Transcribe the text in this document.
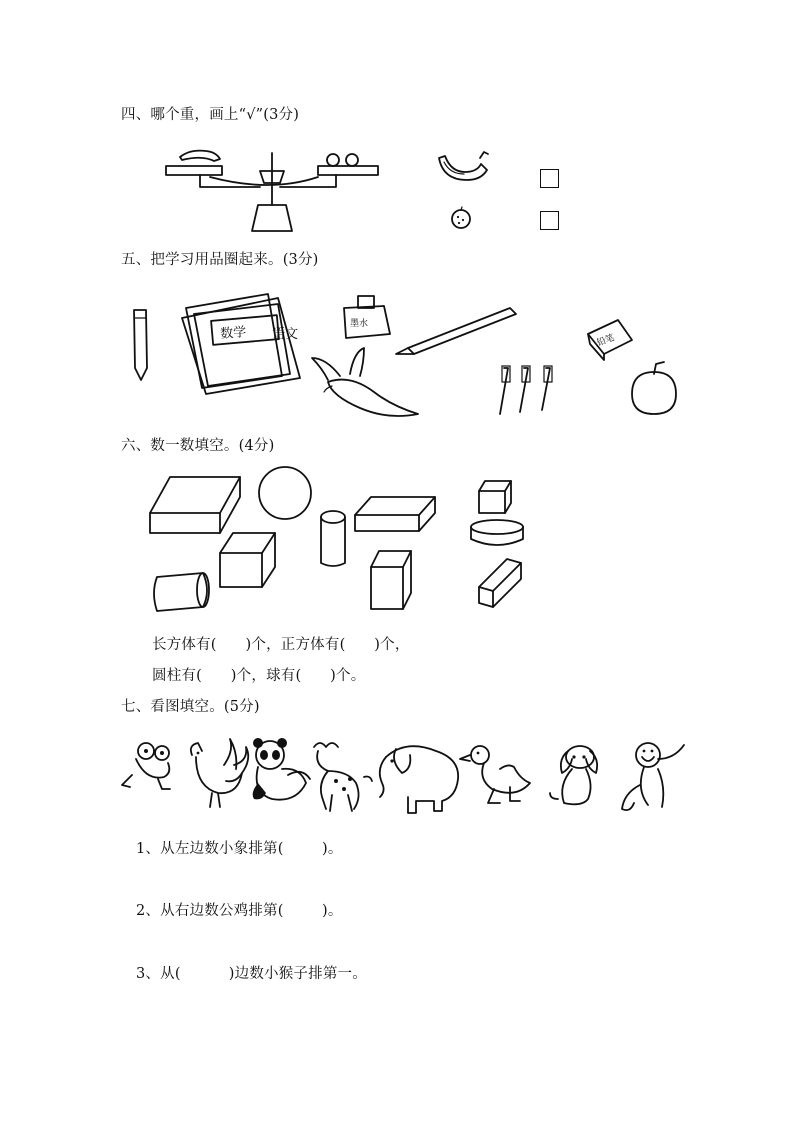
四、哪个重，画上“√”(3分)
五、把学习用品圈起来。(3分)
数学 语文
墨水
铅笔
六、数一数填空。(4分)
长方体有(      )个，正方体有(      )个，
圆柱有(      )个，球有(      )个。
七、看图填空。(5分)
1、从左边数小象排第(        )。
2、从右边数公鸡排第(        )。
3、从(          )边数小猴子排第一。
